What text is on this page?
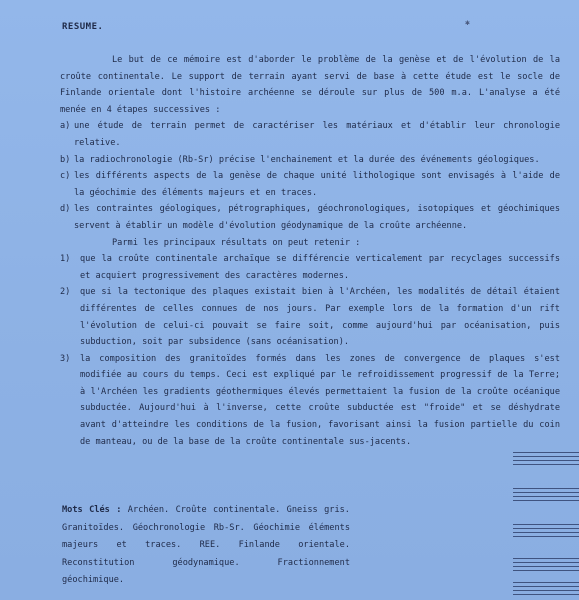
RESUME.	✱

Le but de ce mémoire est d'aborder le problème de la genèse et de l'évolution de la croûte continentale. Le support de terrain ayant servi de base à cette étude est le socle de Finlande orientale dont l'histoire archéenne se déroule sur plus de 500 m.a. L'analyse a été menée en 4 étapes successives :

a) une étude de terrain permet de caractériser les matériaux et d'établir leur chronologie relative.
b) la radiochronologie (Rb-Sr) précise l'enchainement et la durée des événements géologiques.
c) les différents aspects de la genèse de chaque unité lithologique sont envisagés à l'aide de la géochimie des éléments majeurs et en traces.
d) les contraintes géologiques, pétrographiques, géochronologiques, isotopiques et géochimiques servent à établir un modèle d'évolution géodynamique de la croûte archéenne.

Parmi les principaux résultats on peut retenir :

1)	que la croûte continentale archaïque se différencie verticalement par recyclages successifs et acquiert progressivement des caractères modernes.
2)	que si la tectonique des plaques existait bien à l'Archéen, les modalités de détail étaient différentes de celles connues de nos jours. Par exemple lors de la formation d'un rift l'évolution de celui-ci pouvait se faire soit, comme aujourd'hui par océanisation, puis subduction, soit par subsidence (sans océanisation).
3)	la composition des granitoïdes formés dans les zones de convergence de plaques s'est modifiée au cours du temps. Ceci est expliqué par le refroidissement progressif de la Terre; à l'Archéen les gradients géothermiques élevés permettaient la fusion de la croûte océanique subductée. Aujourd'hui à l'inverse, cette croûte subductée est "froide" et se déshydrate avant d'atteindre les conditions de la fusion, favorisant ainsi la fusion partielle du coin de manteau, ou de la base de la croûte continentale sus-jacents.
Mots Clés : Archéen. Croûte continentale. Gneiss gris. Granitoïdes. Géochronologie Rb-Sr. Géochimie éléments majeurs et traces. REE. Finlande orientale. Reconstitution géodynamique. Fractionnement géochimique.
